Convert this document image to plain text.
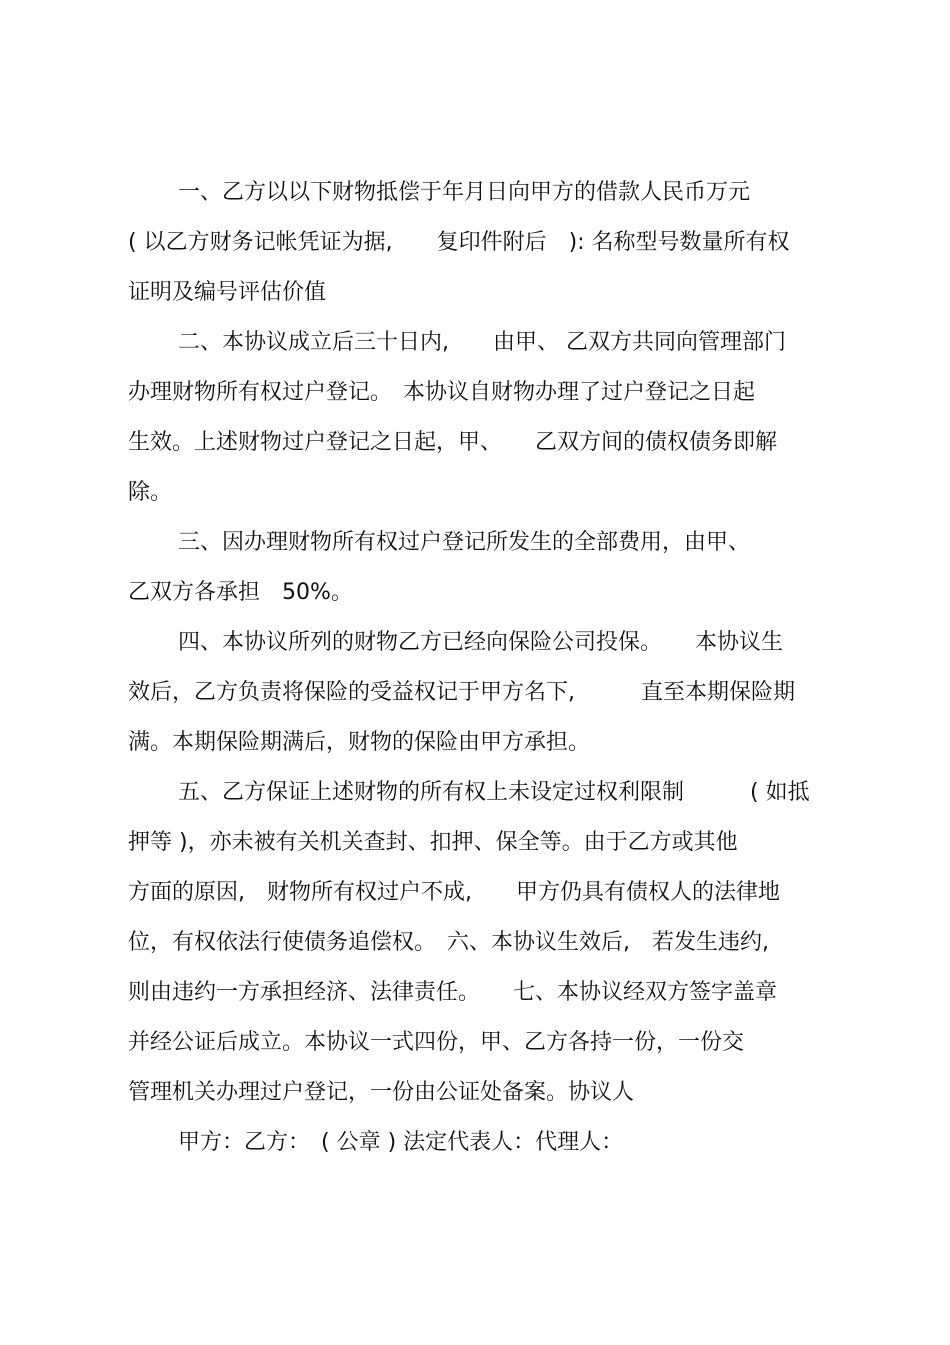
一、乙方以以下财物抵偿于年月日向甲方的借款人民币万元
( 以乙方财务记帐凭证为据,　　复印件附后　): 名称型号数量所有权
证明及编号评估价值
二、本协议成立后三十日内,　　由甲、 乙双方共同向管理部门
办理财物所有权过户登记。　本协议自财物办理了过户登记之日起
生效。上述财物过户登记之日起，甲、　　乙双方间的债权债务即解
除。
三、因办理财物所有权过户登记所发生的全部费用，由甲、
乙双方各承担　50%。
四、本协议所列的财物乙方已经向保险公司投保。　　本协议生
效后，乙方负责将保险的受益权记于甲方名下,　　　直至本期保险期
满。本期保险期满后，财物的保险由甲方承担。
五、乙方保证上述财物的所有权上未设定过权利限制　　　( 如抵
押等 )，亦未被有关机关查封、扣押、保全等。由于乙方或其他
方面的原因,　财物所有权过户不成,　　甲方仍具有债权人的法律地
位，有权依法行使债务追偿权。　六、本协议生效后,　若发生违约,
则由违约一方承担经济、法律责任。　　七、本协议经双方签字盖章
并经公证后成立。本协议一式四份，甲、乙方各持一份，一份交
管理机关办理过户登记，一份由公证处备案。协议人
甲方：乙方：　( 公章 ) 法定代表人：代理人：
